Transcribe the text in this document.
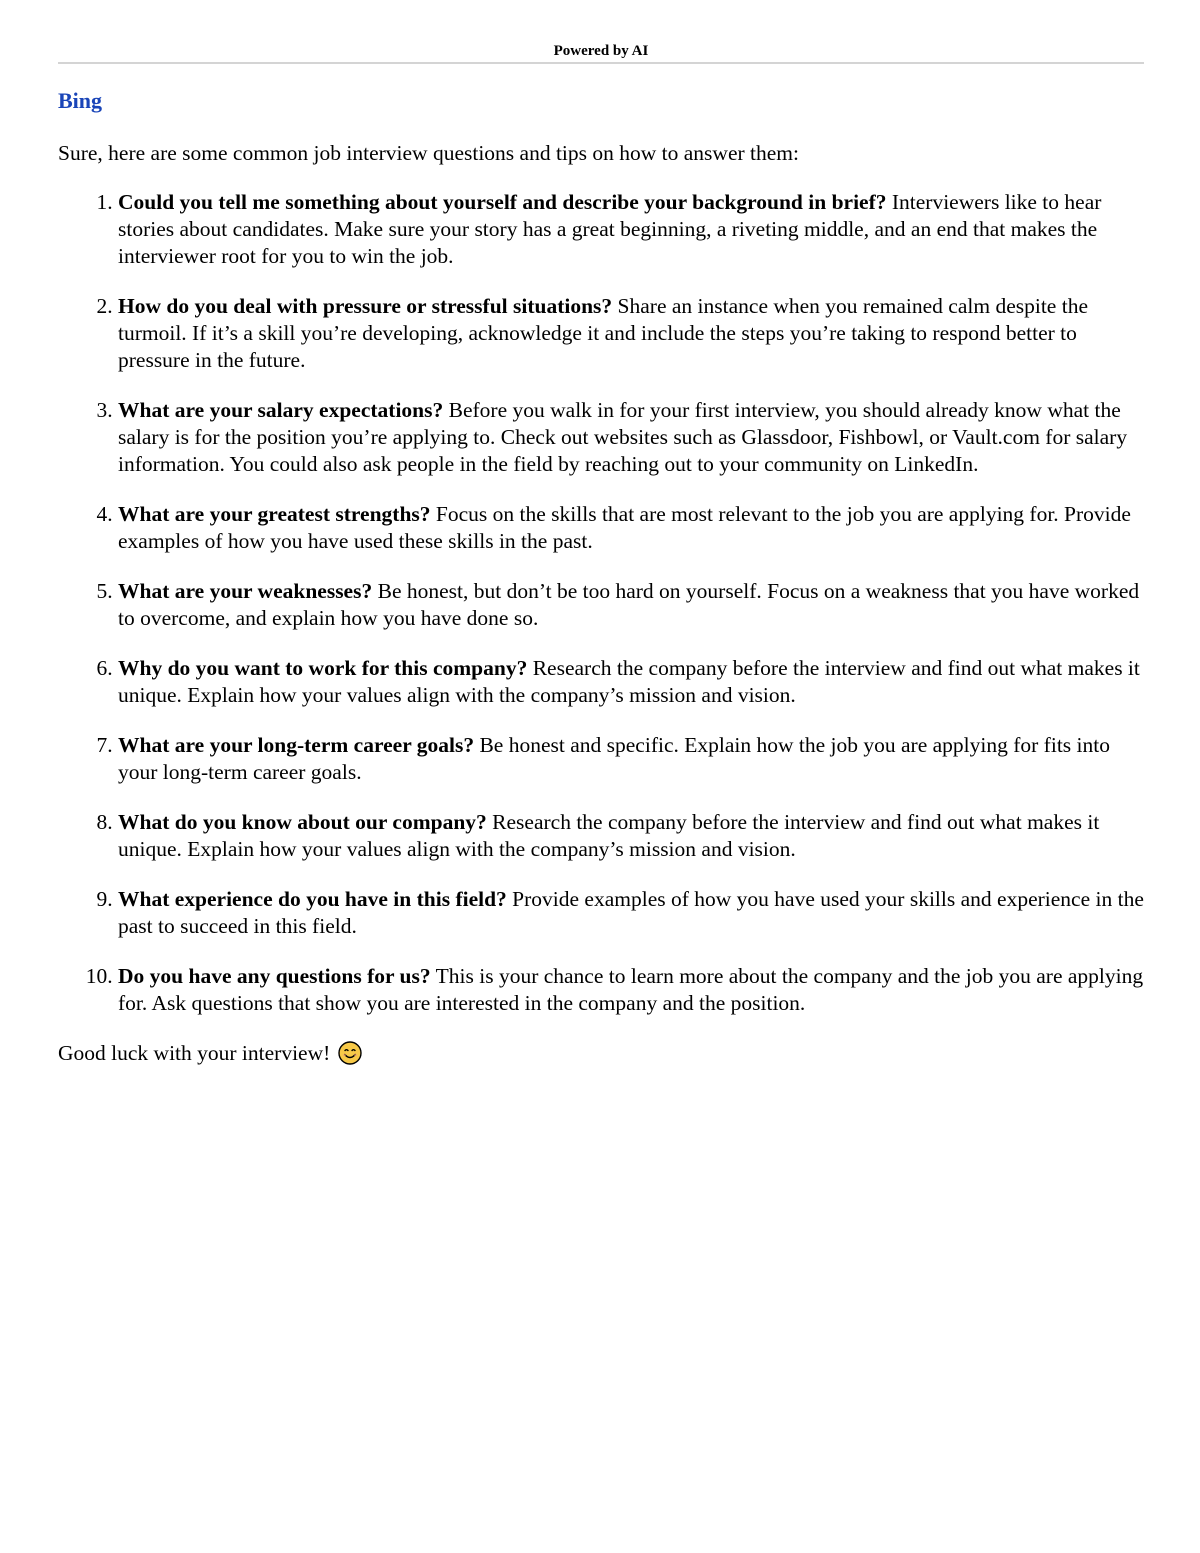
Powered by AI
Bing
Sure, here are some common job interview questions and tips on how to answer them:
1. Could you tell me something about yourself and describe your background in brief? Interviewers like to hear stories about candidates. Make sure your story has a great beginning, a riveting middle, and an end that makes the interviewer root for you to win the job.
2. How do you deal with pressure or stressful situations? Share an instance when you remained calm despite the turmoil. If it’s a skill you’re developing, acknowledge it and include the steps you’re taking to respond better to pressure in the future.
3. What are your salary expectations? Before you walk in for your first interview, you should already know what the salary is for the position you’re applying to. Check out websites such as Glassdoor, Fishbowl, or Vault.com for salary information. You could also ask people in the field by reaching out to your community on LinkedIn.
4. What are your greatest strengths? Focus on the skills that are most relevant to the job you are applying for. Provide examples of how you have used these skills in the past.
5. What are your weaknesses? Be honest, but don’t be too hard on yourself. Focus on a weakness that you have worked to overcome, and explain how you have done so.
6. Why do you want to work for this company? Research the company before the interview and find out what makes it unique. Explain how your values align with the company’s mission and vision.
7. What are your long-term career goals? Be honest and specific. Explain how the job you are applying for fits into your long-term career goals.
8. What do you know about our company? Research the company before the interview and find out what makes it unique. Explain how your values align with the company’s mission and vision.
9. What experience do you have in this field? Provide examples of how you have used your skills and experience in the past to succeed in this field.
10. Do you have any questions for us? This is your chance to learn more about the company and the job you are applying for. Ask questions that show you are interested in the company and the position.
Good luck with your interview!
